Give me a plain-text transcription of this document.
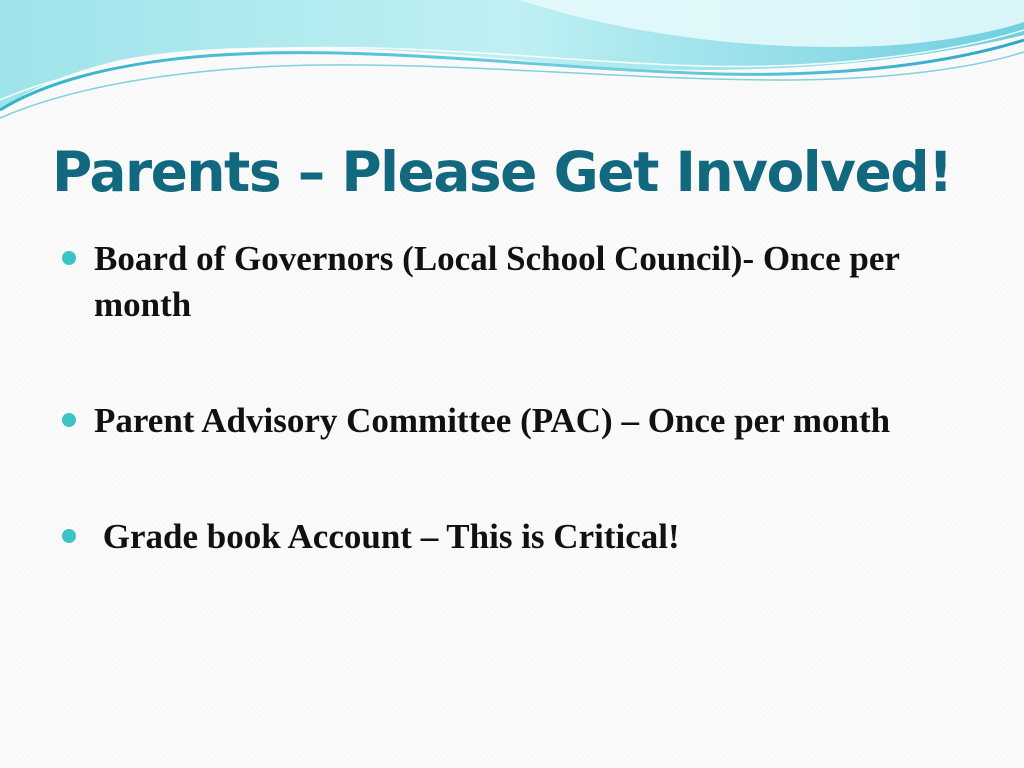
Parents – Please Get Involved!
Board of Governors (Local School Council)- Once per month
Parent Advisory Committee (PAC) – Once per month
Grade book Account – This is Critical!
